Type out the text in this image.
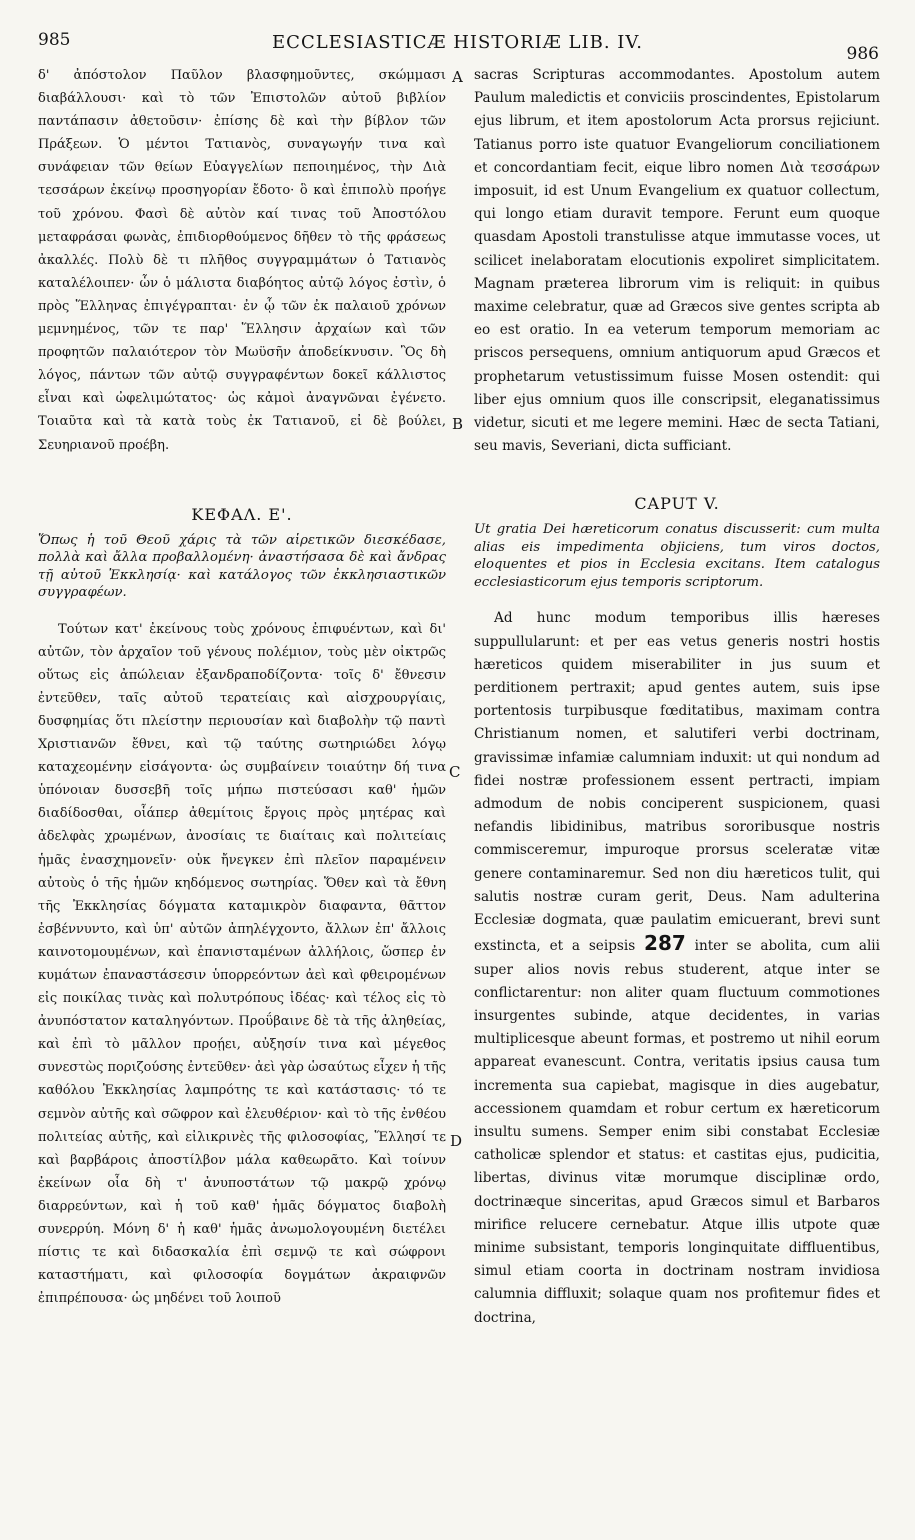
985	ECCLESIASTICÆ HISTORIÆ LIB. IV.
986
A
B
C
D

δ' ἀπόστολον Παῦλον βλασφημοῦντες, σκώμμασι διαβάλλουσι· καὶ τὸ τῶν Ἐπιστολῶν αὐτοῦ βιβλίον παντάπασιν ἀθετοῦσιν· ἐπίσης δὲ καὶ τὴν βίβλον τῶν Πράξεων. Ὁ μέντοι Τατιανὸς, συναγωγήν τινα καὶ συνάφειαν τῶν θείων Εὐαγγελίων πεποιημένος, τὴν Διὰ τεσσάρων ἐκείνῳ προσηγορίαν ἔδοτο· ὃ καὶ ἐπιπολὺ προήγε τοῦ χρόνου. Φασὶ δὲ αὐτὸν καί τινας τοῦ Ἀποστόλου μεταφράσαι φωνὰς, ἐπιδιορθούμενος δῆθεν τὸ τῆς φράσεως ἀκαλλές. Πολὺ δὲ τι πλῆθος συγγραμμάτων ὁ Τατιανὸς καταλέλοιπεν· ὧν ὁ μάλιστα διαβόητος αὐτῷ λόγος ἐστὶν, ὁ πρὸς Ἕλληνας ἐπιγέγραπται· ἐν ᾧ τῶν ἐκ παλαιοῦ χρόνων μεμνημένος, τῶν τε παρ' Ἕλλησιν ἀρχαίων καὶ τῶν προφητῶν παλαιότερον τὸν Μωϋσῆν ἀποδείκνυσιν. Ὃς δὴ λόγος, πάντων τῶν αὐτῷ συγγραφέντων δοκεῖ κάλλιστος εἶναι καὶ ὠφελιμώτατος· ὡς κἀμοὶ ἀναγνῶναι ἐγένετο. Τοιαῦτα καὶ τὰ κατὰ τοὺς ἐκ Τατιανοῦ, εἰ δὲ βούλει, Σευηριανοῦ προέβη.

ΚΕΦΑΛ. Ε'.

Ὅπως ἡ τοῦ Θεοῦ χάρις τὰ τῶν αἱρετικῶν διεσκέδασε, πολλὰ καὶ ἄλλα προβαλλομένη· ἀναστήσασα δὲ καὶ ἄνδρας τῇ αὐτοῦ Ἐκκλησίᾳ· καὶ κατάλογος τῶν ἐκκλησιαστικῶν συγγραφέων.

Τούτων κατ' ἐκείνους τοὺς χρόνους ἐπιφυέντων, καὶ δι' αὐτῶν, τὸν ἀρχαῖον τοῦ γένους πολέμιον, τοὺς μὲν οἰκτρῶς οὕτως εἰς ἀπώλειαν ἐξανδραποδίζοντα· τοῖς δ' ἔθνεσιν ἐντεῦθεν, ταῖς αὐτοῦ τερατείαις καὶ αἰσχρουργίαις, δυσφημίας ὅτι πλείστην περιουσίαν καὶ διαβολὴν τῷ παντὶ Χριστιανῶν ἔθνει, καὶ τῷ ταύτης σωτηριώδει λόγῳ καταχεομένην εἰσάγοντα· ὡς συμβαίνειν τοιαύτην δή τινα ὑπόνοιαν δυσσεβῆ τοῖς μήπω πιστεύσασι καθ' ἡμῶν διαδίδοσθαι, οἷάπερ ἀθεμίτοις ἔργοις πρὸς μητέρας καὶ ἀδελφὰς χρωμένων, ἀνοσίαις τε διαίταις καὶ πολιτείαις ἡμᾶς ἐνασχημονεῖν· οὐκ ἤνεγκεν ἐπὶ πλεῖον παραμένειν αὐτοὺς ὁ τῆς ἡμῶν κηδόμενος σωτηρίας. Ὅθεν καὶ τὰ ἔθνη τῆς Ἐκκλησίας δόγματα καταμικρὸν διαφαντα, θᾶττον ἐσβέννυντο, καὶ ὑπ' αὐτῶν ἀπηλέγχοντο, ἄλλων ἐπ' ἄλλοις καινοτομουμένων, καὶ ἐπανισταμένων ἀλλήλοις, ὥσπερ ἐν κυμάτων ἐπαναστάσεσιν ὑπορρεόντων ἀεὶ καὶ φθειρομένων εἰς ποικίλας τινὰς καὶ πολυτρόπους ἰδέας· καὶ τέλος εἰς τὸ ἀνυπόστατον καταληγόντων. Προΰβαινε δὲ τὰ τῆς ἀληθείας, καὶ ἐπὶ τὸ μᾶλλον προῄει, αὐξησίν τινα καὶ μέγεθος συνεστὼς ποριζούσης ἐντεῦθεν· ἀεὶ γὰρ ὡσαύτως εἶχεν ἡ τῆς καθόλου Ἐκκλησίας λαμπρότης τε καὶ κατάστασις· τό τε σεμνὸν αὐτῆς καὶ σῶφρον καὶ ἐλευθέριον· καὶ τὸ τῆς ἐνθέου πολιτείας αὐτῆς, καὶ εἰλικρινὲς τῆς φιλοσοφίας, Ἕλλησί τε καὶ βαρβάροις ἀποστίλβον μάλα καθεωρᾶτο. Καὶ τοίνυν ἐκείνων οἷα δὴ τ' ἀνυποστάτων τῷ μακρῷ χρόνῳ διαρρεύντων, καὶ ἡ τοῦ καθ' ἡμᾶς δόγματος διαβολὴ συνερρύη. Μόνη δ' ἡ καθ' ἡμᾶς ἀνωμολογουμένη διετέλει πίστις τε καὶ διδασκαλία ἐπὶ σεμνῷ τε καὶ σώφρονι καταστήματι, καὶ φιλοσοφία δογμάτων ἀκραιφνῶν ἐπιπρέπουσα· ὡς μηδένει τοῦ λοιποῦ

sacras Scripturas accommodantes. Apostolum autem Paulum maledictis et conviciis proscindentes, Epistolarum ejus librum, et item apostolorum Acta prorsus rejiciunt. Tatianus porro iste quatuor Evangeliorum conciliationem et concordantiam fecit, eique libro nomen Διὰ τεσσάρων imposuit, id est Unum Evangelium ex quatuor collectum, qui longo etiam duravit tempore. Ferunt eum quoque quasdam Apostoli transtulisse atque immutasse voces, ut scilicet inelaboratam elocutionis expoliret simplicitatem. Magnam præterea librorum vim is reliquit: in quibus maxime celebratur, quæ ad Græcos sive gentes scripta ab eo est oratio. In ea veterum temporum memoriam ac priscos persequens, omnium antiquorum apud Græcos et prophetarum vetustissimum fuisse Mosen ostendit: qui liber ejus omnium quos ille conscripsit, eleganatissimus videtur, sicuti et me legere memini. Hæc de secta Tatiani, seu mavis, Severiani, dicta sufficiant.

CAPUT V.

Ut gratia Dei hæreticorum conatus discusserit: cum multa alias eis impedimenta objiciens, tum viros doctos, eloquentes et pios in Ecclesia excitans. Item catalogus ecclesiasticorum ejus temporis scriptorum.

Ad hunc modum temporibus illis hæreses suppullularunt: et per eas vetus generis nostri hostis hæreticos quidem miserabiliter in jus suum et perditionem pertraxit; apud gentes autem, suis ipse portentosis turpibusque fœditatibus, maximam contra Christianum nomen, et salutiferi verbi doctrinam, gravissimæ infamiæ calumniam induxit: ut qui nondum ad fidei nostræ professionem essent pertracti, impiam admodum de nobis conciperent suspicionem, quasi nefandis libidinibus, matribus sororibusque nostris commisceremur, impuroque prorsus sceleratæ vitæ genere contaminaremur. Sed non diu hæreticos tulit, qui salutis nostræ curam gerit, Deus. Nam adulterina Ecclesiæ dogmata, quæ paulatim emicuerant, brevi sunt exstincta, et a seipsis 287 inter se abolita, cum alii super alios novis rebus studerent, atque inter se conflictarentur: non aliter quam fluctuum commotiones insurgentes subinde, atque decidentes, in varias multiplicesque abeunt formas, et postremo ut nihil eorum appareat evanescunt. Contra, veritatis ipsius causa tum incrementa sua capiebat, magisque in dies augebatur, accessionem quamdam et robur certum ex hæreticorum insultu sumens. Semper enim sibi constabat Ecclesiæ catholicæ splendor et status: et castitas ejus, pudicitia, libertas, divinus vitæ morumque disciplinæ ordo, doctrinæque sinceritas, apud Græcos simul et Barbaros mirifice relucere cernebatur. Atque illis utpote quæ minime subsistant, temporis longinquitate diffluentibus, simul etiam coorta in doctrinam nostram invidiosa calumnia diffluxit; solaque quam nos profitemur fides et doctrina,
